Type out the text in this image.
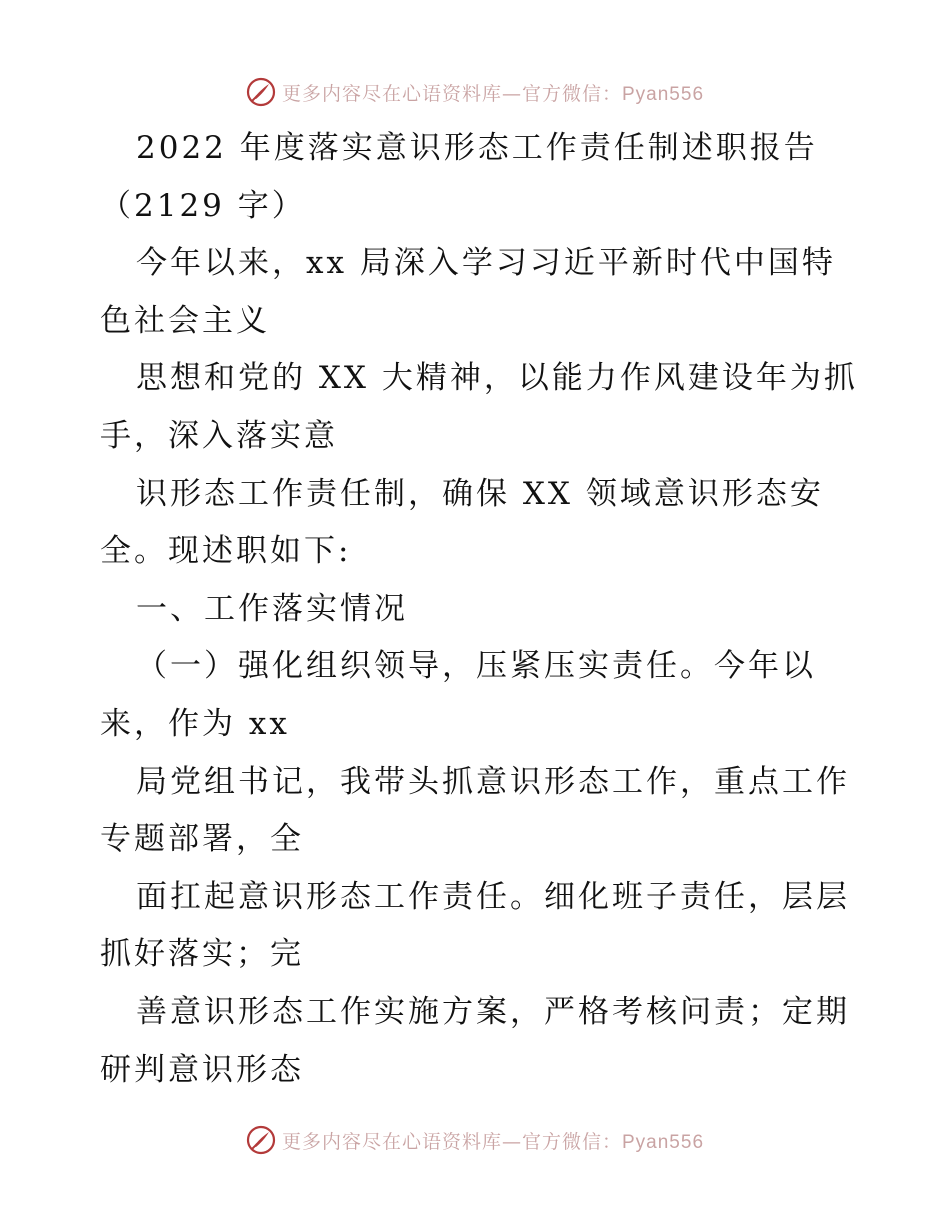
更多内容尽在心语资料库—官方微信：Pyan556
2022 年度落实意识形态工作责任制述职报告
（2129 字）
今年以来，xx 局深入学习习近平新时代中国特
色社会主义
思想和党的 XX 大精神，以能力作风建设年为抓
手，深入落实意
识形态工作责任制，确保 XX 领域意识形态安
全。现述职如下:
一、工作落实情况
（一）强化组织领导，压紧压实责任。今年以
来，作为 xx
局党组书记，我带头抓意识形态工作，重点工作
专题部署，全
面扛起意识形态工作责任。细化班子责任，层层
抓好落实；完
善意识形态工作实施方案，严格考核问责；定期
研判意识形态
更多内容尽在心语资料库—官方微信：Pyan556
